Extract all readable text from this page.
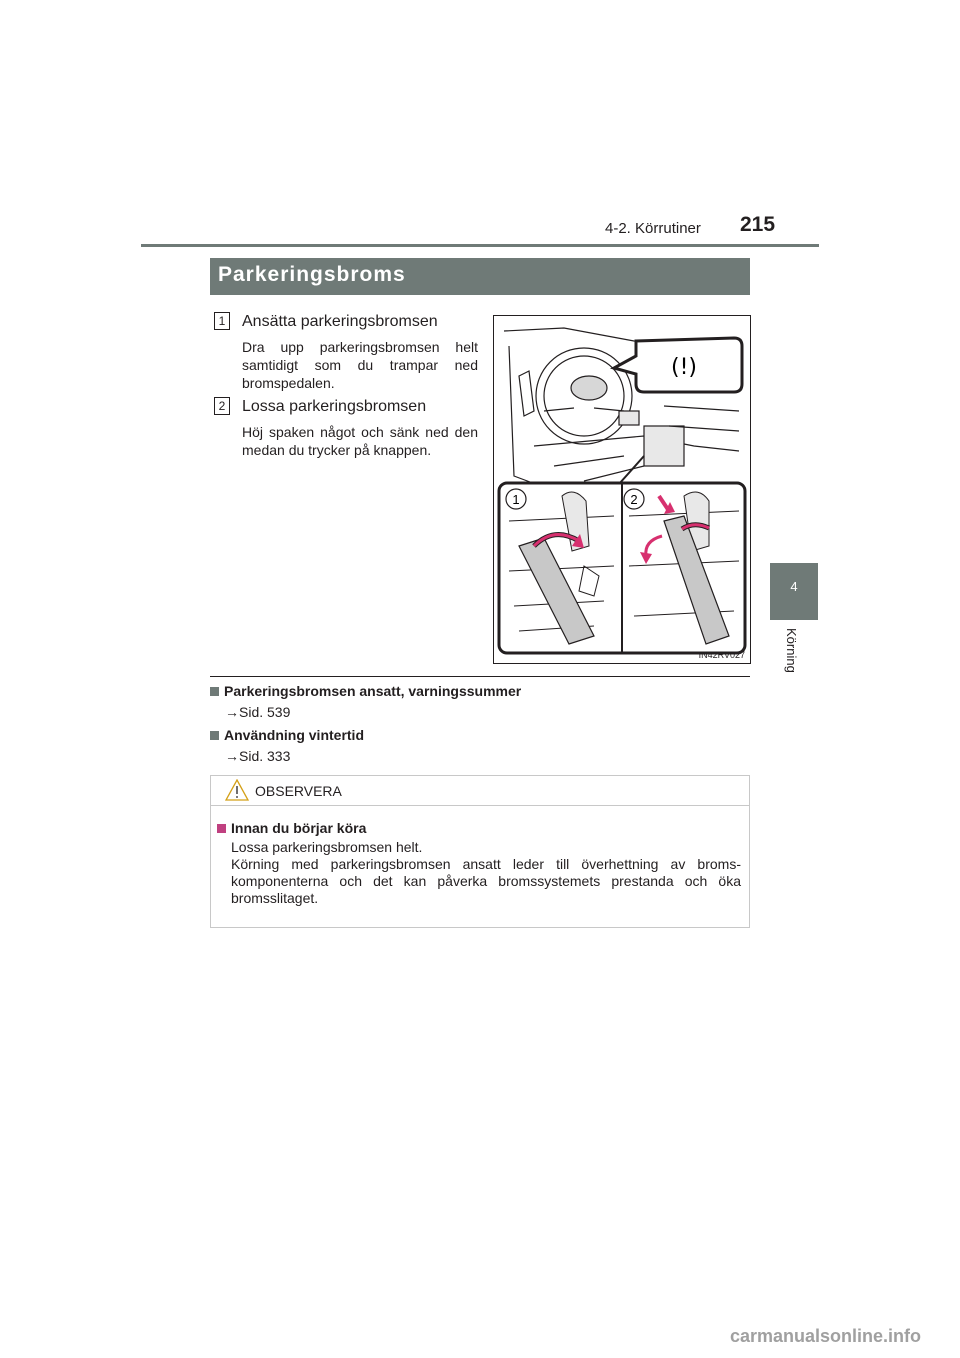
4-2. Körrutiner 215
4
Körning
Parkeringsbroms
1 Ansätta parkeringsbromsen
Dra upp parkeringsbromsen helt samtidigt som du trampar ned bromspedalen.
2 Lossa parkeringsbromsen
Höj spaken något och sänk ned den medan du trycker på knappen.
(!)
1	2
IN42RV027
Parkeringsbromsen ansatt, varningssummer
→Sid. 539
Användning vintertid
→Sid. 333
OBSERVERA
Innan du börjar köra

Lossa parkeringsbromsen helt.

Körning med parkeringsbromsen ansatt leder till överhettning av broms-komponenterna och det kan påverka bromssystemets prestanda och öka bromsslitaget.

carmanualsonline.info
